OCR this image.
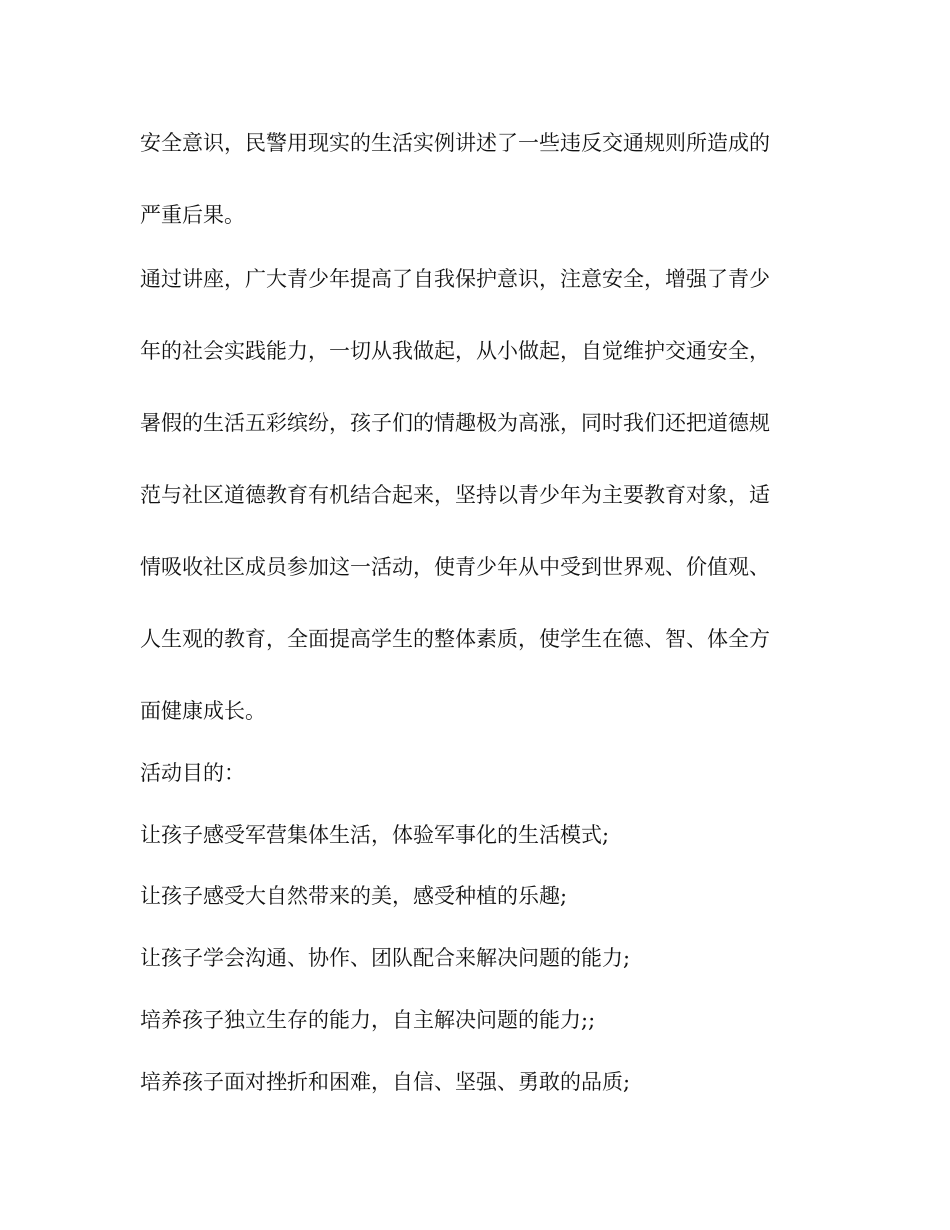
安全意识，民警用现实的生活实例讲述了一些违反交通规则所造成的
严重后果。
通过讲座，广大青少年提高了自我保护意识，注意安全，增强了青少
年的社会实践能力，一切从我做起，从小做起，自觉维护交通安全，
暑假的生活五彩缤纷，孩子们的情趣极为高涨，同时我们还把道德规
范与社区道德教育有机结合起来，坚持以青少年为主要教育对象，适
情吸收社区成员参加这一活动，使青少年从中受到世界观、价值观、
人生观的教育，全面提高学生的整体素质，使学生在德、智、体全方
面健康成长。
活动目的：
让孩子感受军营集体生活，体验军事化的生活模式;
让孩子感受大自然带来的美，感受种植的乐趣;
让孩子学会沟通、协作、团队配合来解决问题的能力;
培养孩子独立生存的能力，自主解决问题的能力;;
培养孩子面对挫折和困难，自信、坚强、勇敢的品质;
